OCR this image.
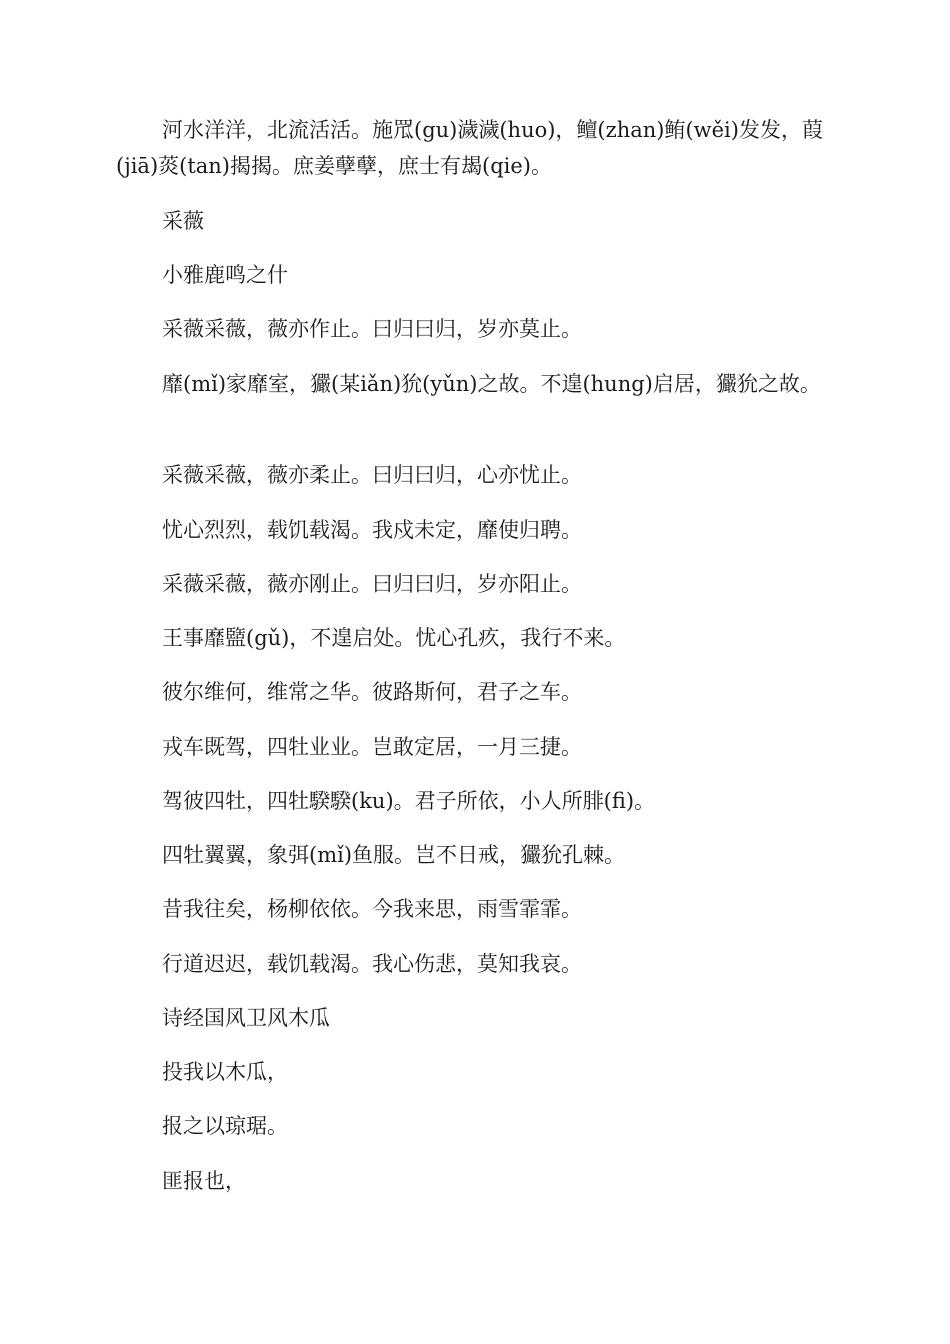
河水洋洋，北流活活。施罛(gu)濊濊(huo)，鳣(zhan)鲔(wěi)发发，葭(jiā)菼(tan)揭揭。庶姜孽孽，庶士有朅(qie)。

采薇

小雅鹿鸣之什

采薇采薇，薇亦作止。曰归曰归，岁亦莫止。

靡(mǐ)家靡室，玁(某iǎn)狁(yǔn)之故。不遑(hung)启居，玁狁之故。

采薇采薇，薇亦柔止。曰归曰归，心亦忧止。

忧心烈烈，载饥载渴。我戍未定，靡使归聘。

采薇采薇，薇亦刚止。曰归曰归，岁亦阳止。

王事靡盬(gǔ)，不遑启处。忧心孔疚，我行不来。

彼尔维何，维常之华。彼路斯何，君子之车。

戎车既驾，四牡业业。岂敢定居，一月三捷。

驾彼四牡，四牡騤騤(ku)。君子所依，小人所腓(fi)。

四牡翼翼，象弭(mǐ)鱼服。岂不日戒，玁狁孔棘。

昔我往矣，杨柳依依。今我来思，雨雪霏霏。

行道迟迟，载饥载渴。我心伤悲，莫知我哀。

诗经国风卫风木瓜

投我以木瓜，

报之以琼琚。

匪报也，
